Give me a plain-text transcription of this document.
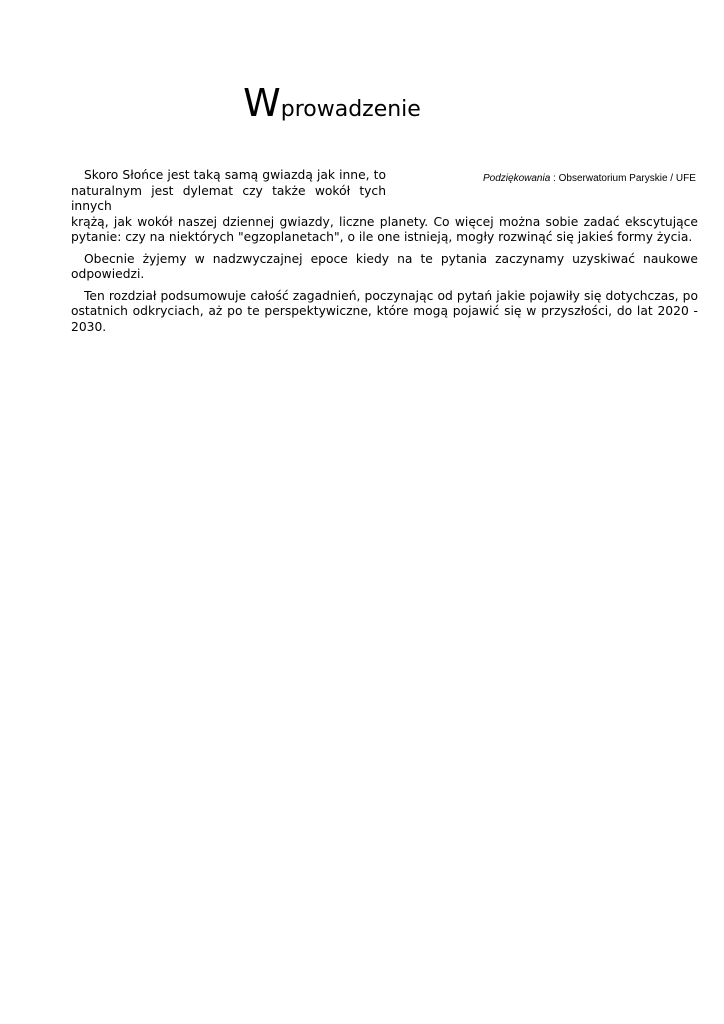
Wprowadzenie
Podziękowania : Obserwatorium Paryskie / UFE

Skoro Słońce jest taką samą gwiazdą jak inne, to
naturalnym jest dylemat czy także wokół tych innych
krążą, jak wokół naszej dziennej gwiazdy, liczne planety. Co więcej można sobie zadać ekscytujące
pytanie: czy na niektórych "egzoplanetach", o ile one istnieją, mogły rozwinąć się jakieś formy życia.

Obecnie żyjemy w nadzwyczajnej epoce kiedy na te pytania zaczynamy uzyskiwać naukowe odpowiedzi.

Ten rozdział podsumowuje całość zagadnień, poczynając od pytań jakie pojawiły się dotychczas, po
ostatnich odkryciach, aż po te perspektywiczne, które mogą pojawić się w przyszłości, do lat 2020 - 2030.
